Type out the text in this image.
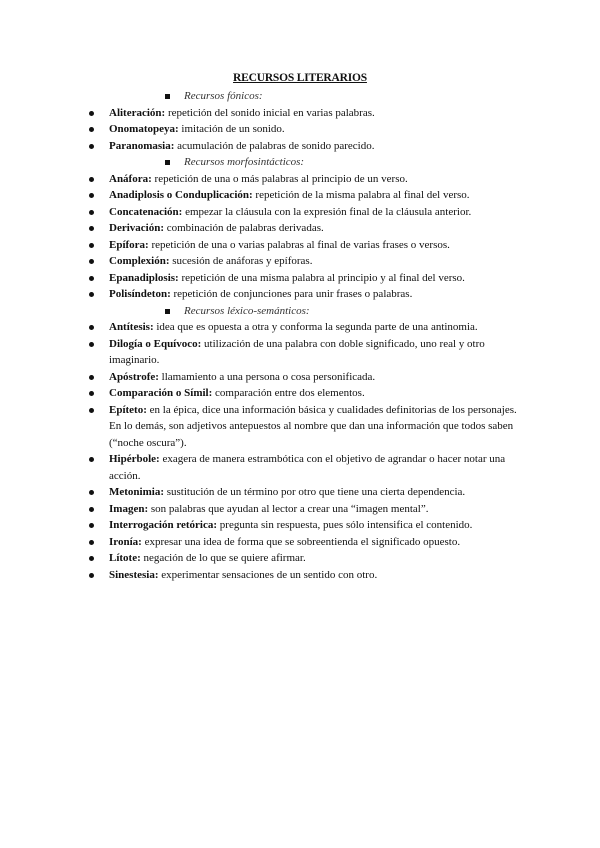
RECURSOS LITERARIOS
Recursos fónicos:
Aliteración: repetición del sonido inicial en varias palabras.
Onomatopeya: imitación de un sonido.
Paranomasia: acumulación de palabras de sonido parecido.
Recursos morfosintácticos:
Anáfora: repetición de una o más palabras al principio de un verso.
Anadiplosis o Conduplicación: repetición de la misma palabra al final del verso.
Concatenación: empezar la cláusula con la expresión final de la cláusula anterior.
Derivación: combinación de palabras derivadas.
Epífora: repetición de una o varias palabras al final de varias frases o versos.
Complexión: sucesión de anáforas y epíforas.
Epanadiplosis: repetición de una misma palabra al principio y al final del verso.
Polisíndeton: repetición de conjunciones para unir frases o palabras.
Recursos léxico-semánticos:
Antítesis: idea que es opuesta a otra y conforma la segunda parte de una antinomia.
Dilogía o Equívoco: utilización de una palabra con doble significado, uno real y otro imaginario.
Apóstrofe: llamamiento a una persona o cosa personificada.
Comparación o Símil: comparación entre dos elementos.
Epíteto: en la épica, dice una información básica y cualidades definitorias de los personajes. En lo demás, son adjetivos antepuestos al nombre que dan una información que todos saben (“noche oscura”).
Hipérbole: exagera de manera estrambótica con el objetivo de agrandar o hacer notar una acción.
Metonimia: sustitución de un término por otro que tiene una cierta dependencia.
Imagen: son palabras que ayudan al lector a crear una “imagen mental”.
Interrogación retórica: pregunta sin respuesta, pues sólo intensifica el contenido.
Ironía: expresar una idea de forma que se sobreentienda el significado opuesto.
Lítote: negación de lo que se quiere afirmar.
Sinestesia: experimentar sensaciones de un sentido con otro.
